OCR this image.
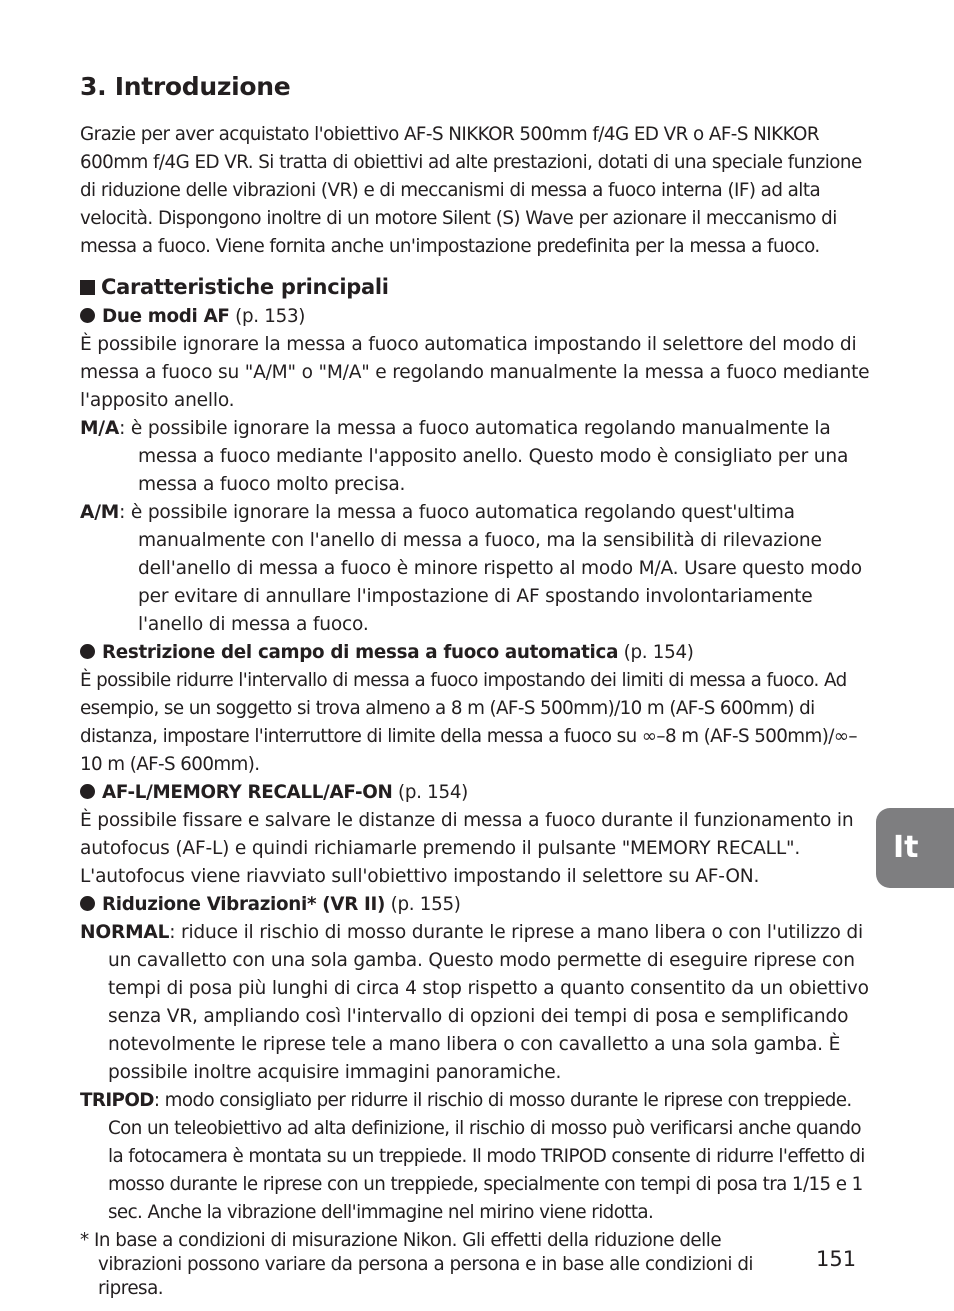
3. Introduzione

Grazie per aver acquistato l'obiettivo AF-S NIKKOR 500mm f/4G ED VR o AF-S NIKKOR 600mm f/4G ED VR. Si tratta di obiettivi ad alte prestazioni, dotati di una speciale funzione di riduzione delle vibrazioni (VR) e di meccanismi di messa a fuoco interna (IF) ad alta velocità. Dispongono inoltre di un motore Silent (S) Wave per azionare il meccanismo di messa a fuoco. Viene fornita anche un'impostazione predefinita per la messa a fuoco.

Caratteristiche principali

Due modi AF (p. 153)

È possibile ignorare la messa a fuoco automatica impostando il selettore del modo di messa a fuoco su "A/M" o "M/A" e regolando manualmente la messa a fuoco mediante l'apposito anello.

M/A: è possibile ignorare la messa a fuoco automatica regolando manualmente la messa a fuoco mediante l'apposito anello. Questo modo è consigliato per una messa a fuoco molto precisa.

A/M: è possibile ignorare la messa a fuoco automatica regolando quest'ultima manualmente con l'anello di messa a fuoco, ma la sensibilità di rilevazione dell'anello di messa a fuoco è minore rispetto al modo M/A. Usare questo modo per evitare di annullare l'impostazione di AF spostando involontariamente l'anello di messa a fuoco.

Restrizione del campo di messa a fuoco automatica (p. 154)

È possibile ridurre l'intervallo di messa a fuoco impostando dei limiti di messa a fuoco. Ad esempio, se un soggetto si trova almeno a 8 m (AF-S 500mm)/10 m (AF-S 600mm) di distanza, impostare l'interruttore di limite della messa a fuoco su ∞–8 m (AF-S 500mm)/∞–10 m (AF-S 600mm).

AF-L/MEMORY RECALL/AF-ON (p. 154)

È possibile fissare e salvare le distanze di messa a fuoco durante il funzionamento in autofocus (AF-L) e quindi richiamarle premendo il pulsante "MEMORY RECALL". L'autofocus viene riavviato sull'obiettivo impostando il selettore su AF-ON.

Riduzione Vibrazioni* (VR II) (p. 155)

NORMAL: riduce il rischio di mosso durante le riprese a mano libera o con l'utilizzo di un cavalletto con una sola gamba. Questo modo permette di eseguire riprese con tempi di posa più lunghi di circa 4 stop rispetto a quanto consentito da un obiettivo senza VR, ampliando così l'intervallo di opzioni dei tempi di posa e semplificando notevolmente le riprese tele a mano libera o con cavalletto a una sola gamba. È possibile inoltre acquisire immagini panoramiche.

TRIPOD: modo consigliato per ridurre il rischio di mosso durante le riprese con treppiede. Con un teleobiettivo ad alta definizione, il rischio di mosso può verificarsi anche quando la fotocamera è montata su un treppiede. Il modo TRIPOD consente di ridurre l'effetto di mosso durante le riprese con un treppiede, specialmente con tempi di posa tra 1/15 e 1 sec. Anche la vibrazione dell'immagine nel mirino viene ridotta.

* In base a condizioni di misurazione Nikon. Gli effetti della riduzione delle vibrazioni possono variare da persona a persona e in base alle condizioni di ripresa.

151
It
